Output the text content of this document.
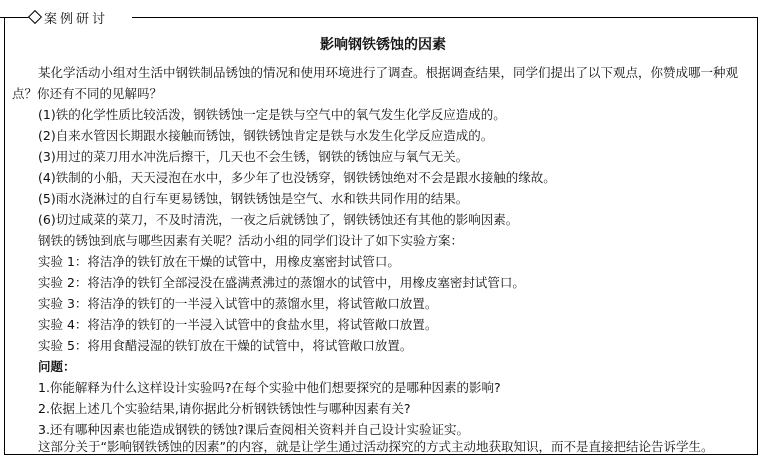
案例研讨
影响钢铁锈蚀的因素
某化学活动小组对生活中钢铁制品锈蚀的情况和使用环境进行了调查。根据调查结果，同学们提出了以下观点，你赞成哪一种观点？你还有不同的见解吗？
(1)铁的化学性质比较活泼，钢铁锈蚀一定是铁与空气中的氧气发生化学反应造成的。
(2)自来水管因长期跟水接触而锈蚀，钢铁锈蚀肯定是铁与水发生化学反应造成的。
(3)用过的菜刀用水冲洗后擦干，几天也不会生锈，钢铁的锈蚀应与氧气无关。
(4)铁制的小船，天天浸泡在水中，多少年了也没锈穿，钢铁锈蚀绝对不会是跟水接触的缘故。
(5)雨水浇淋过的自行车更易锈蚀，钢铁锈蚀是空气、水和铁共同作用的结果。
(6)切过咸菜的菜刀，不及时清洗，一夜之后就锈蚀了，钢铁锈蚀还有其他的影响因素。
钢铁的锈蚀到底与哪些因素有关呢？活动小组的同学们设计了如下实验方案：
实验 1：将洁净的铁钉放在干燥的试管中，用橡皮塞密封试管口。
实验 2：将洁净的铁钉全部浸没在盛满煮沸过的蒸馏水的试管中，用橡皮塞密封试管口。
实验 3：将洁净的铁钉的一半浸入试管中的蒸馏水里，将试管敞口放置。
实验 4：将洁净的铁钉的一半浸入试管中的食盐水里，将试管敞口放置。
实验 5：将用食醋浸湿的铁钉放在干燥的试管中，将试管敞口放置。
问题：
1.你能解释为什么这样设计实验吗?在每个实验中他们想要探究的是哪种因素的影响?
2.依据上述几个实验结果,请你据此分析钢铁锈蚀性与哪种因素有关?
3.还有哪种因素也能造成钢铁的锈蚀?课后查阅相关资料并自己设计实验证实。
这部分关于“影响钢铁锈蚀的因素”的内容，就是让学生通过活动探究的方式主动地获取知识，而不是直接把结论告诉学生。
